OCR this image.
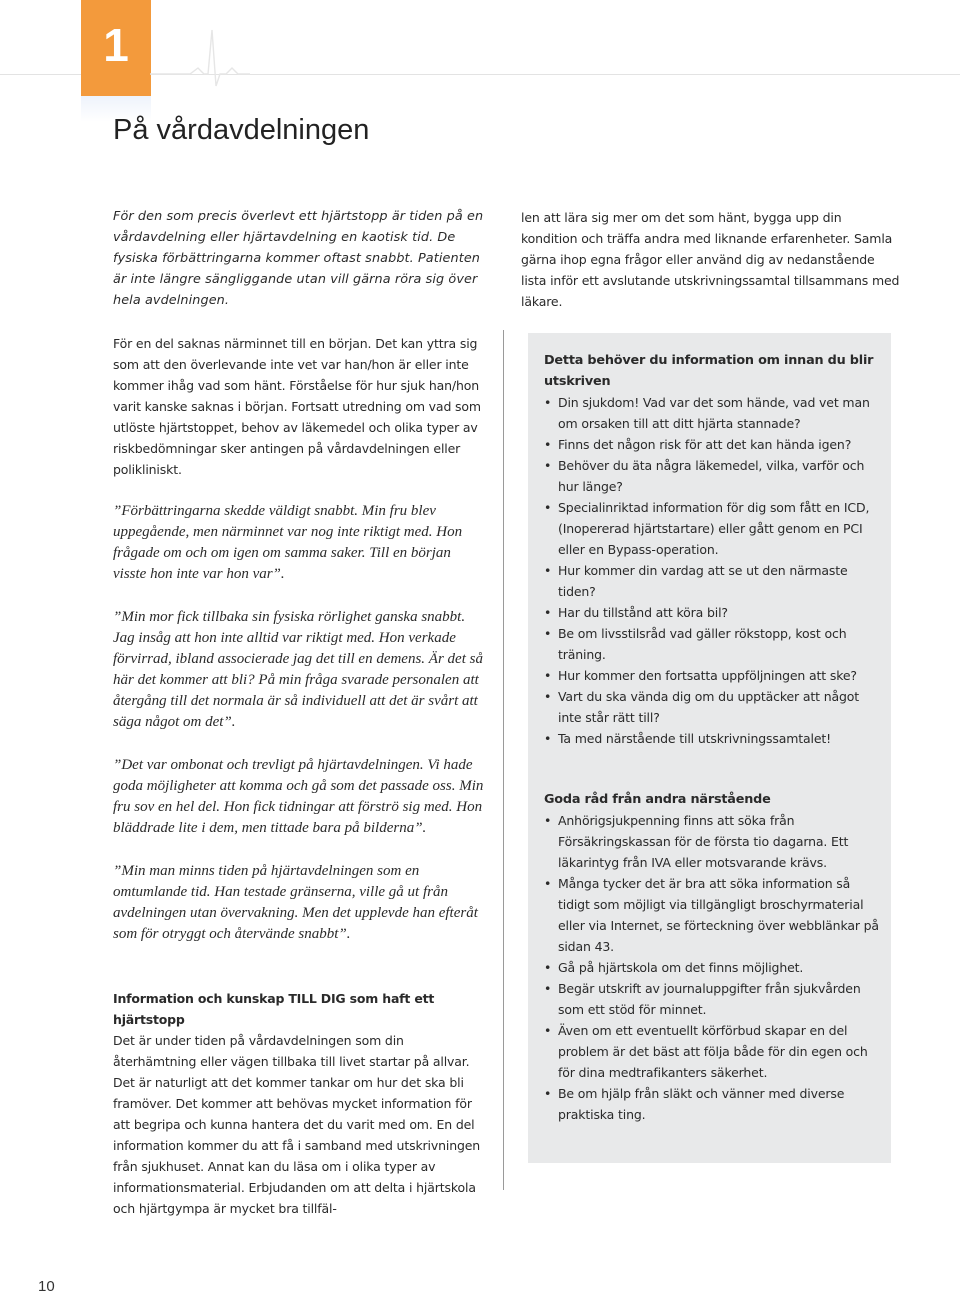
1
På vårdavdelningen

För den som precis överlevt ett hjärtstopp är tiden på en vårdavdelning eller hjärtavdelning en kaotisk tid. De fysiska förbättringarna kommer oftast snabbt. Patienten är inte längre sängliggande utan vill gärna röra sig över hela avdelningen.

För en del saknas närminnet till en början. Det kan yttra sig som att den överlevande inte vet var han/hon är eller inte kommer ihåg vad som hänt. Förståelse för hur sjuk han/hon varit kanske saknas i början. Fortsatt utredning om vad som utlöste hjärtstoppet, behov av läkemedel och olika typer av riskbedömningar sker antingen på vårdavdelningen eller polikliniskt.

”Förbättringarna skedde väldigt snabbt. Min fru blev uppegående, men närminnet var nog inte riktigt med. Hon frågade om och om igen om samma saker. Till en början visste hon inte var hon var”.

”Min mor fick tillbaka sin fysiska rörlighet ganska snabbt. Jag insåg att hon inte alltid var riktigt med. Hon verkade förvirrad, ibland associerade jag det till en demens. Är det så här det kommer att bli? På min fråga svarade personalen att återgång till det normala är så individuell att det är svårt att säga något om det”.

”Det var ombonat och trevligt på hjärtavdelningen. Vi hade goda möjligheter att komma och gå som det passade oss. Min fru sov en hel del. Hon fick tidningar att förströ sig med. Hon bläddrade lite i dem, men tittade bara på bilderna”.

”Min man minns tiden på hjärtavdelningen som en omtumlande tid. Han testade gränserna, ville gå ut från avdelningen utan övervakning. Men det upplevde han efteråt som för otryggt och återvände snabbt”.

Information och kunskap TILL DIG som haft ett hjärtstopp

Det är under tiden på vårdavdelningen som din återhämtning eller vägen tillbaka till livet startar på allvar. Det är naturligt att det kommer tankar om hur det ska bli framöver. Det kommer att behövas mycket information för att begripa och kunna hantera det du varit med om. En del information kommer du att få i samband med utskrivningen från sjukhuset. Annat kan du läsa om i olika typer av informationsmaterial. Erbjudanden om att delta i hjärtskola och hjärtgympa är mycket bra tillfäl-

len att lära sig mer om det som hänt, bygga upp din kondition och träffa andra med liknande erfarenheter. Samla gärna ihop egna frågor eller använd dig av nedanstående lista inför ett avslutande utskrivningssamtal tillsammans med läkare.

Detta behöver du information om innan du blir utskriven

• Din sjukdom! Vad var det som hände, vad vet man om orsaken till att ditt hjärta stannade?
• Finns det någon risk för att det kan hända igen?
• Behöver du äta några läkemedel, vilka, varför och hur länge?
• Specialinriktad information för dig som fått en ICD, (Inopererad hjärtstartare) eller gått genom en PCI eller en Bypass-operation.
• Hur kommer din vardag att se ut den närmaste tiden?
• Har du tillstånd att köra bil?
• Be om livsstilsråd vad gäller rökstopp, kost och träning.
• Hur kommer den fortsatta uppföljningen att ske?
• Vart du ska vända dig om du upptäcker att något inte står rätt till?
• Ta med närstående till utskrivningssamtalet!

Goda råd från andra närstående

• Anhörigsjukpenning finns att söka från Försäkringskassan för de första tio dagarna. Ett läkarintyg från IVA eller motsvarande krävs.
• Många tycker det är bra att söka information så tidigt som möjligt via tillgängligt broschyrmaterial eller via Internet, se förteckning över webblänkar på sidan 43.
• Gå på hjärtskola om det finns möjlighet.
• Begär utskrift av journaluppgifter från sjukvården som ett stöd för minnet.
• Även om ett eventuellt körförbud skapar en del problem är det bäst att följa både för din egen och för dina medtrafikanters säkerhet.
• Be om hjälp från släkt och vänner med diverse praktiska ting.
10
